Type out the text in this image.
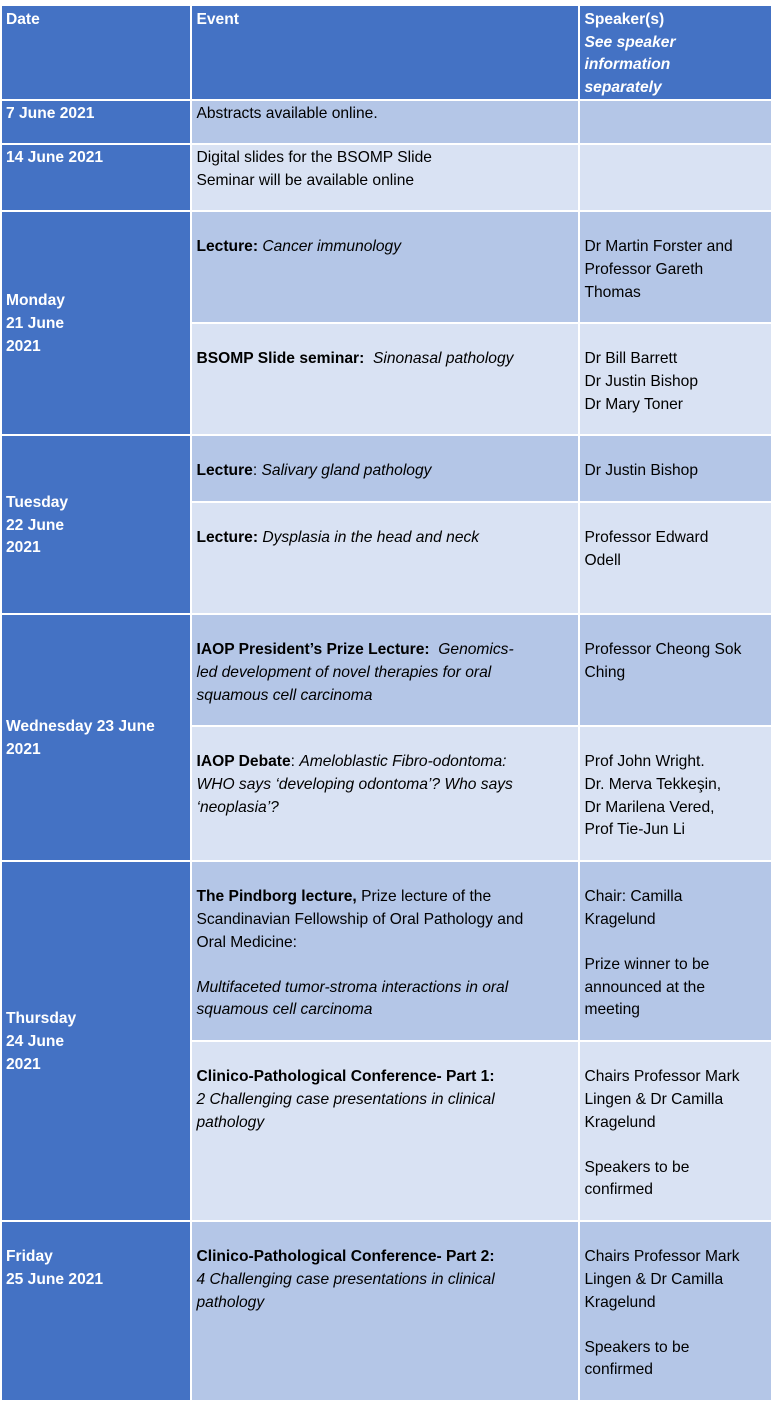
Date	Event	Speaker(s)
See speaker
information
separately

7 June 2021	Abstracts available online.	
14 June 2021	Digital slides for the BSOMP Slide
Seminar will be available online	

Monday
21 June
2021	Lecture: Cancer immunology	Dr Martin Forster and
Professor Gareth
Thomas

	BSOMP Slide seminar: Sinonasal pathology	Dr Bill Barrett
Dr Justin Bishop
Dr Mary Toner

Tuesday
22 June
2021	Lecture: Salivary gland pathology	Dr Justin Bishop
	Lecture: Dysplasia in the head and neck	Professor Edward
Odell

Wednesday 23 June
2021	IAOP President’s Prize Lecture: Genomics-
led development of novel therapies for oral
squamous cell carcinoma	Professor Cheong Sok
Ching

	IAOP Debate: Ameloblastic Fibro-odontoma:
WHO says ‘developing odontoma’? Who says
‘neoplasia’?	Prof John Wright.
Dr. Merva Tekkeşin,
Dr Marilena Vered,
Prof Tie-Jun Li

Thursday
24 June
2021	The Pindborg lecture, Prize lecture of the
Scandinavian Fellowship of Oral Pathology and
Oral Medicine:
Multifaceted tumor-stroma interactions in oral
squamous cell carcinoma	Chair: Camilla
Kragelund
Prize winner to be
announced at the
meeting

	Clinico-Pathological Conference- Part 1:
2 Challenging case presentations in clinical
pathology	Chairs Professor Mark
Lingen & Dr Camilla
Kragelund
Speakers to be
confirmed

Friday
25 June 2021	Clinico-Pathological Conference- Part 2:
4 Challenging case presentations in clinical
pathology	Chairs Professor Mark
Lingen & Dr Camilla
Kragelund
Speakers to be
confirmed
